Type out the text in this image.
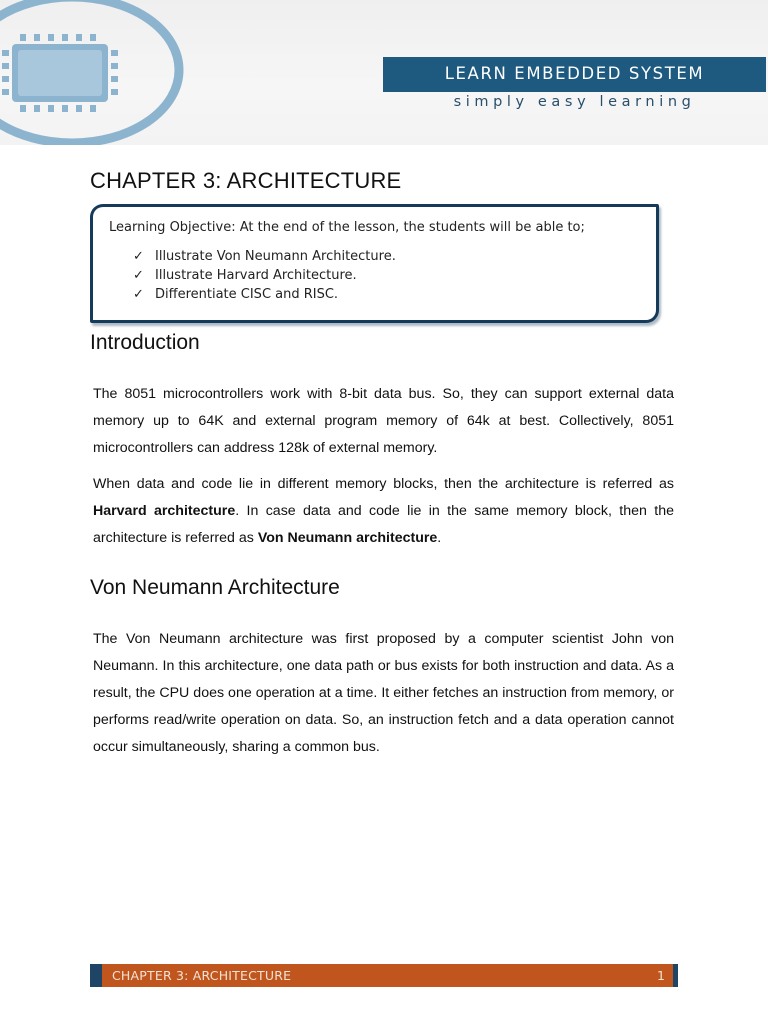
LEARN EMBEDDED SYSTEM
simply easy learning
CHAPTER 3: ARCHITECTURE
Learning Objective: At the end of the lesson, the students will be able to;
✓ Illustrate Von Neumann Architecture.
✓ Illustrate Harvard Architecture.
✓ Differentiate CISC and RISC.
Introduction

The 8051 microcontrollers work with 8-bit data bus. So, they can support external data memory up to 64K and external program memory of 64k at best. Collectively, 8051 microcontrollers can address 128k of external memory.

When data and code lie in different memory blocks, then the architecture is referred as Harvard architecture. In case data and code lie in the same memory block, then the architecture is referred as Von Neumann architecture.

Von Neumann Architecture

The Von Neumann architecture was first proposed by a computer scientist John von Neumann. In this architecture, one data path or bus exists for both instruction and data. As a result, the CPU does one operation at a time. It either fetches an instruction from memory, or performs read/write operation on data. So, an instruction fetch and a data operation cannot occur simultaneously, sharing a common bus.

CHAPTER 3: ARCHITECTURE	1
